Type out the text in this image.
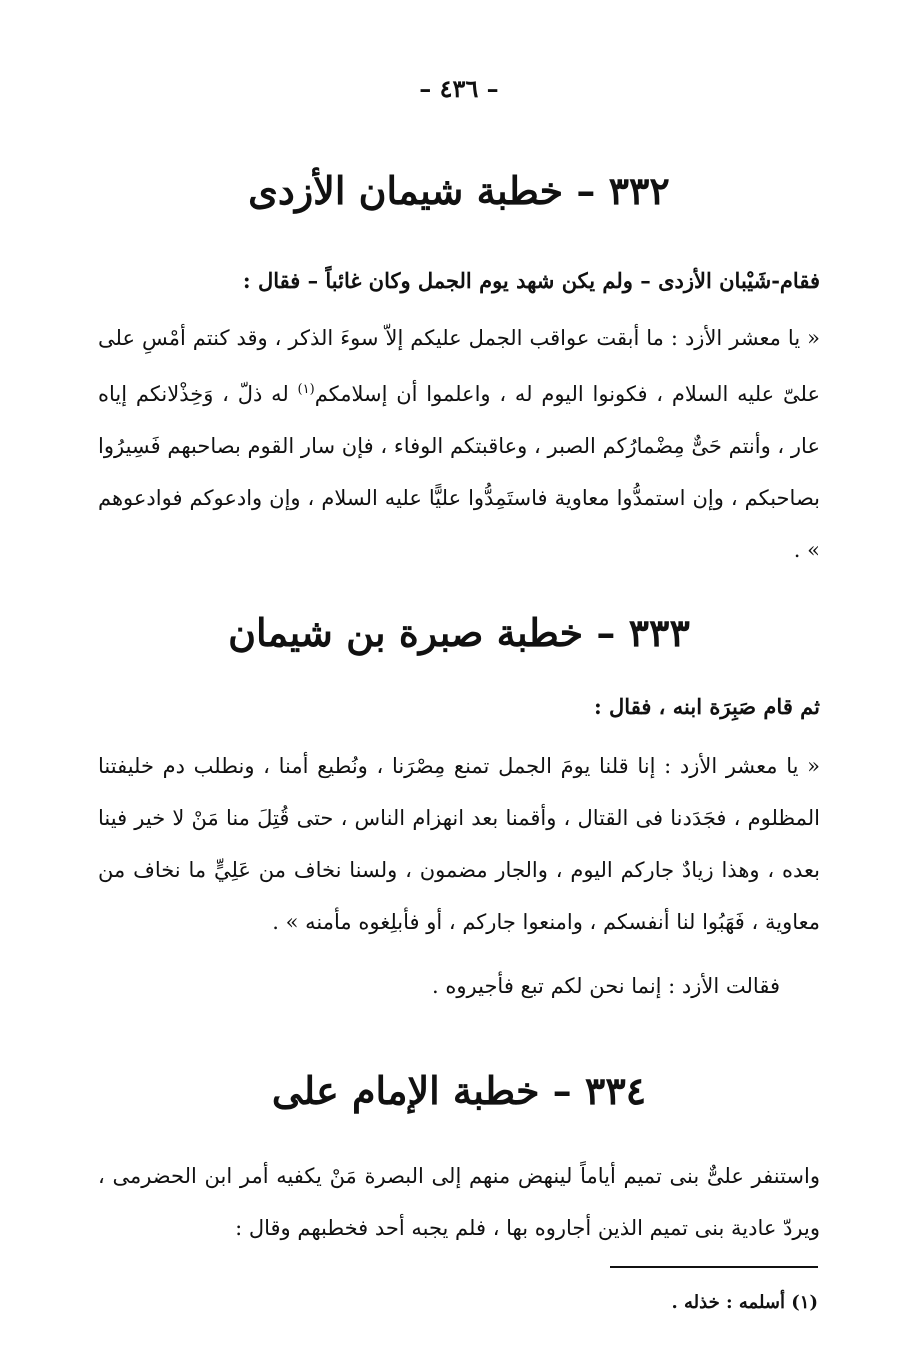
– ٤٣٦ –
٣٣٢ – خطبة شيمان الأزدى
فقام-شَيْبان الأزدى – ولم يكن شهد يوم الجمل وكان غائباً – فقال :
« يا معشر الأزد : ما أبقت عواقب الجمل عليكم إلاّ سوءَ الذكر ، وقد كنتم أمْسِ على علىّ عليه السلام ، فكونوا اليوم له ، واعلموا أن إسلامكم$^{(١)}$ له ذلّ ، وَخِذْلانكم إياه عار ، وأنتم حَىٌّ مِضْمارُكم الصبر ، وعاقبتكم الوفاء ، فإن سار القوم بصاحبهم فَسِيرُوا بصاحبكم ، وإن استمدُّوا معاوية فاستَمِدُّوا عليًّا عليه السلام ، وإن وادعوكم فوادعوهم » .
٣٣٣ – خطبة صبرة بن شيمان
ثم قام صَبِرَة ابنه ، فقال :
« يا معشر الأزد : إنا قلنا يومَ الجمل تمنع مِصْرَنا ، ونُطيع أمنا ، ونطلب دم خليفتنا المظلوم ، فجَدَدنا فى القتال ، وأقمنا بعد انهزام الناس ، حتى قُتِلَ منا مَنْ لا خير فينا بعده ، وهذا زيادٌ جاركم اليوم ، والجار مضمون ، ولسنا نخاف من عَلِيٍّ ما نخاف من معاوية ، فَهَبُوا لنا أنفسكم ، وامنعوا جاركم ، أو فأبلِغوه مأمنه » .
فقالت الأزد : إنما نحن لكم تبع فأجيروه .
٣٣٤ – خطبة الإمام على
واستنفر علىٌّ بنى تميم أياماً لينهض منهم إلى البصرة مَنْ يكفيه أمر ابن الحضرمى ، ويردّ عادية بنى تميم الذين أجاروه بها ، فلم يجبه أحد فخطبهم وقال :
(١) أسلمه : خذله .
